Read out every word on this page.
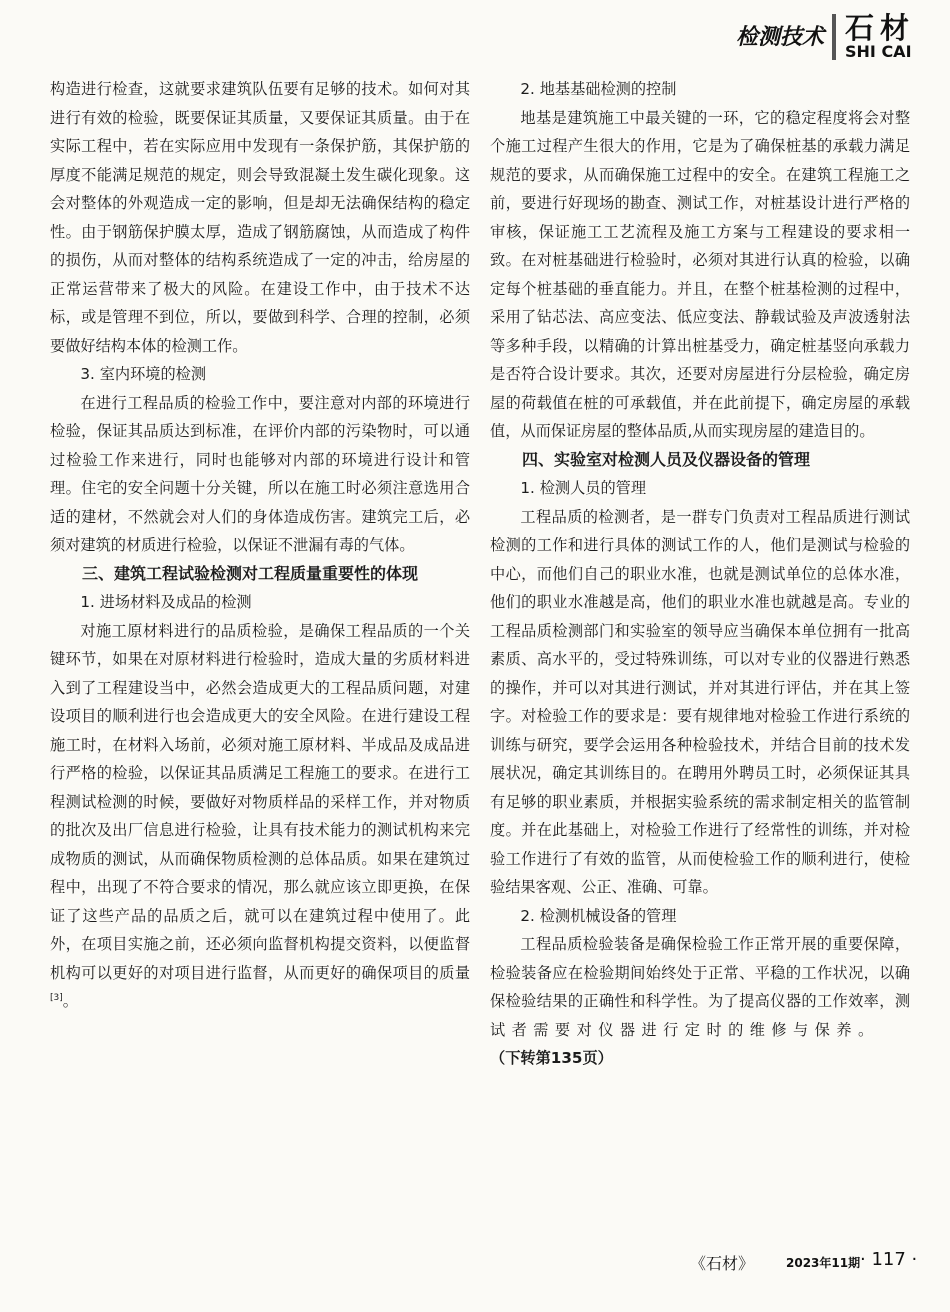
检测技术 石材
SHI CAI

构造进行检查，这就要求建筑队伍要有足够的技术。如何对其进行有效的检验，既要保证其质量，又要保证其质量。由于在实际工程中，若在实际应用中发现有一条保护筋，其保护筋的厚度不能满足规范的规定，则会导致混凝土发生碳化现象。这会对整体的外观造成一定的影响，但是却无法确保结构的稳定性。由于钢筋保护膜太厚，造成了钢筋腐蚀，从而造成了构件的损伤，从而对整体的结构系统造成了一定的冲击，给房屋的正常运营带来了极大的风险。在建设工作中，由于技术不达标，或是管理不到位，所以，要做到科学、合理的控制，必须要做好结构本体的检测工作。

3. 室内环境的检测

在进行工程品质的检验工作中，要注意对内部的环境进行检验，保证其品质达到标准，在评价内部的污染物时，可以通过检验工作来进行，同时也能够对内部的环境进行设计和管理。住宅的安全问题十分关键，所以在施工时必须注意选用合适的建材，不然就会对人们的身体造成伤害。建筑完工后，必须对建筑的材质进行检验，以保证不泄漏有毒的气体。

三、建筑工程试验检测对工程质量重要性的体现
1. 进场材料及成品的检测

对施工原材料进行的品质检验，是确保工程品质的一个关键环节，如果在对原材料进行检验时，造成大量的劣质材料进入到了工程建设当中，必然会造成更大的工程品质问题，对建设项目的顺利进行也会造成更大的安全风险。在进行建设工程施工时，在材料入场前，必须对施工原材料、半成品及成品进行严格的检验，以保证其品质满足工程施工的要求。在进行工程测试检测的时候，要做好对物质样品的采样工作，并对物质的批次及出厂信息进行检验，让具有技术能力的测试机构来完成物质的测试，从而确保物质检测的总体品质。如果在建筑过程中，出现了不符合要求的情况，那么就应该立即更换，在保证了这些产品的品质之后，就可以在建筑过程中使用了。此外，在项目实施之前，还必须向监督机构提交资料，以便监督机构可以更好的对项目进行监督，从而更好的确保项目的质量[3]。

2. 地基基础检测的控制

地基是建筑施工中最关键的一环，它的稳定程度将会对整个施工过程产生很大的作用，它是为了确保桩基的承载力满足规范的要求，从而确保施工过程中的安全。在建筑工程施工之前，要进行好现场的勘查、测试工作，对桩基设计进行严格的审核，保证施工工艺流程及施工方案与工程建设的要求相一致。在对桩基础进行检验时，必须对其进行认真的检验，以确定每个桩基础的垂直能力。并且，在整个桩基检测的过程中，采用了钻芯法、高应变法、低应变法、静载试验及声波透射法等多种手段，以精确的计算出桩基受力，确定桩基竖向承载力是否符合设计要求。其次，还要对房屋进行分层检验，确定房屋的荷载值在桩的可承载值，并在此前提下，确定房屋的承载值，从而保证房屋的整体品质,从而实现房屋的建造目的。

四、实验室对检测人员及仪器设备的管理
1. 检测人员的管理

工程品质的检测者，是一群专门负责对工程品质进行测试检测的工作和进行具体的测试工作的人，他们是测试与检验的中心，而他们自己的职业水准，也就是测试单位的总体水准，他们的职业水准越是高，他们的职业水准也就越是高。专业的工程品质检测部门和实验室的领导应当确保本单位拥有一批高素质、高水平的，受过特殊训练，可以对专业的仪器进行熟悉的操作，并可以对其进行测试，并对其进行评估，并在其上签字。对检验工作的要求是：要有规律地对检验工作进行系统的训练与研究，要学会运用各种检验技术，并结合目前的技术发展状况，确定其训练目的。在聘用外聘员工时，必须保证其具有足够的职业素质，并根据实验系统的需求制定相关的监管制度。并在此基础上，对检验工作进行了经常性的训练，并对检验工作进行了有效的监管，从而使检验工作的顺利进行，使检验结果客观、公正、准确、可靠。

2. 检测机械设备的管理

工程品质检验装备是确保检验工作正常开展的重要保障，检验装备应在检验期间始终处于正常、平稳的工作状况，以确保检验结果的正确性和科学性。为了提高仪器的工作效率，测试者需要对仪器进行定时的维修与保养。  （下转第135页）

《石材》	2023年11期 · 117 ·
